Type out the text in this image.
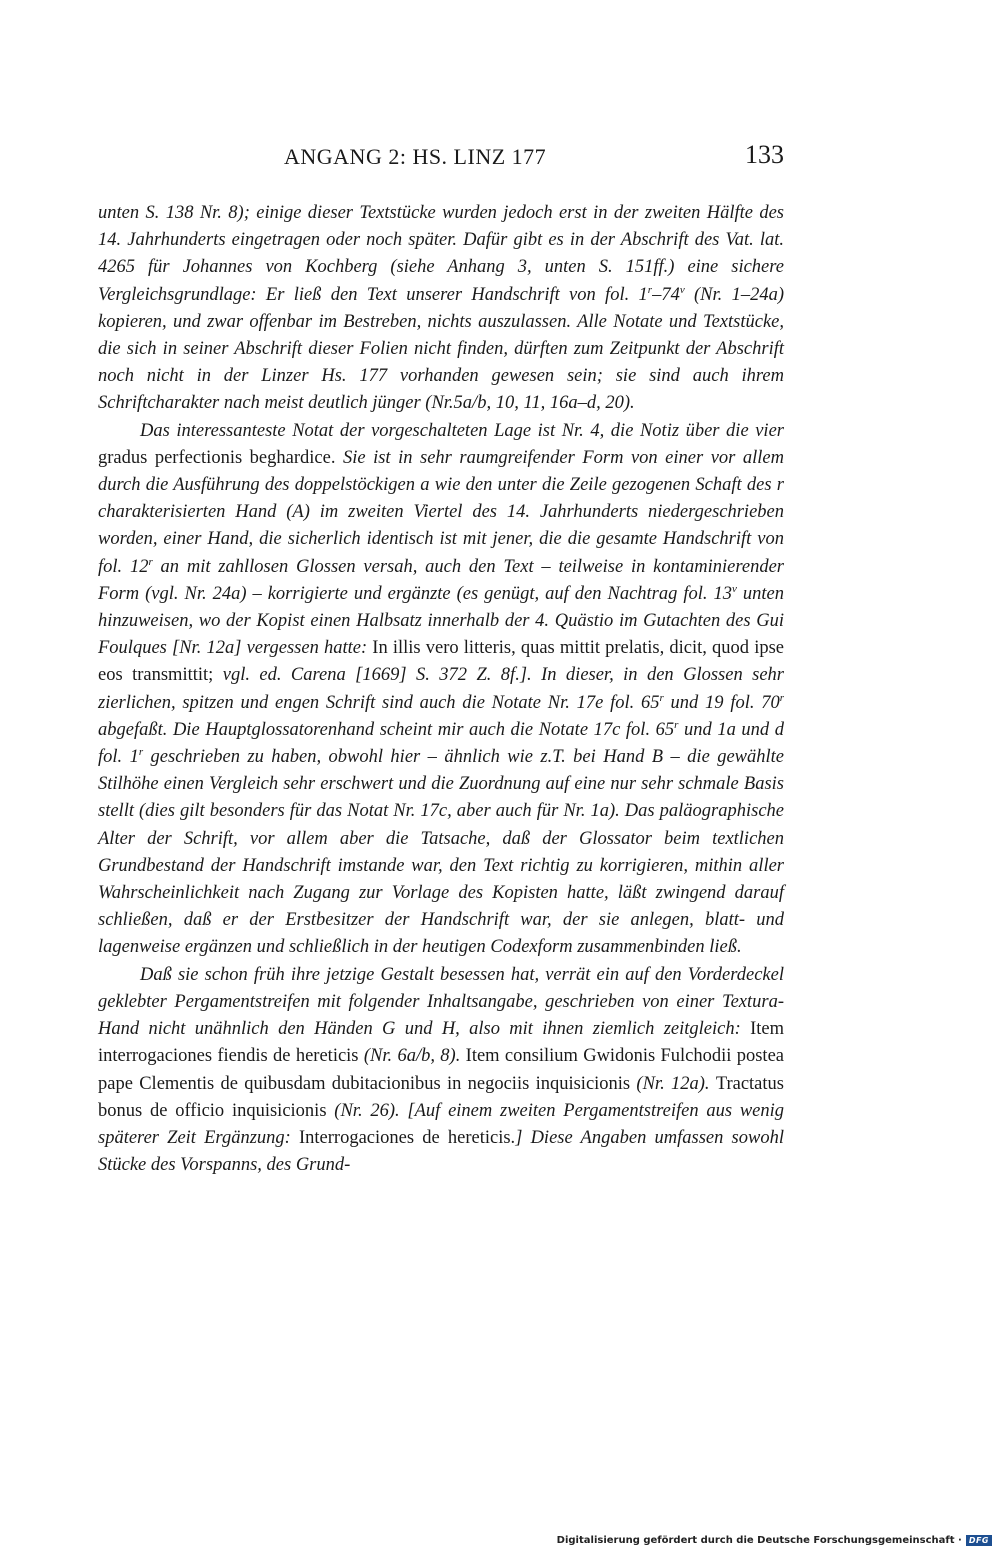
ANGANG 2: HS. LINZ 177	133

unten S. 138 Nr. 8); einige dieser Textstücke wurden jedoch erst in der zweiten Hälfte des 14. Jahrhunderts eingetragen oder noch später. Dafür gibt es in der Abschrift des Vat. lat. 4265 für Johannes von Kochberg (siehe Anhang 3, unten S. 151ff.) eine sichere Vergleichsgrundlage: Er ließ den Text unserer Handschrift von fol. 1$^r$–74$^v$ (Nr. 1–24a) kopieren, und zwar offenbar im Bestreben, nichts auszulassen. Alle Notate und Textstücke, die sich in seiner Abschrift dieser Folien nicht finden, dürften zum Zeitpunkt der Abschrift noch nicht in der Linzer Hs. 177 vorhanden gewesen sein; sie sind auch ihrem Schriftcharakter nach meist deutlich jünger (Nr.5a/b, 10, 11, 16a–d, 20).

Das interessanteste Notat der vorgeschalteten Lage ist Nr. 4, die Notiz über die vier gradus perfectionis beghardice. Sie ist in sehr raumgreifender Form von einer vor allem durch die Ausführung des doppelstöckigen a wie den unter die Zeile gezogenen Schaft des r charakterisierten Hand (A) im zweiten Viertel des 14. Jahrhunderts niedergeschrieben worden, einer Hand, die sicherlich identisch ist mit jener, die die gesamte Handschrift von fol. 12$^r$ an mit zahllosen Glossen versah, auch den Text – teilweise in kontaminierender Form (vgl. Nr. 24a) – korrigierte und ergänzte (es genügt, auf den Nachtrag fol. 13$^v$ unten hinzuweisen, wo der Kopist einen Halbsatz innerhalb der 4. Quästio im Gutachten des Gui Foulques [Nr. 12a] vergessen hatte: In illis vero litteris, quas mittit prelatis, dicit, quod ipse eos transmittit; vgl. ed. Carena [1669] S. 372 Z. 8f.]. In dieser, in den Glossen sehr zierlichen, spitzen und engen Schrift sind auch die Notate Nr. 17e fol. 65$^r$ und 19 fol. 70$^r$ abgefaßt. Die Hauptglossatorenhand scheint mir auch die Notate 17c fol. 65$^r$ und 1a und d fol. 1$^r$ geschrieben zu haben, obwohl hier – ähnlich wie z.T. bei Hand B – die gewählte Stilhöhe einen Vergleich sehr erschwert und die Zuordnung auf eine nur sehr schmale Basis stellt (dies gilt besonders für das Notat Nr. 17c, aber auch für Nr. 1a). Das paläographische Alter der Schrift, vor allem aber die Tatsache, daß der Glossator beim textlichen Grundbestand der Handschrift imstande war, den Text richtig zu korrigieren, mithin aller Wahrscheinlichkeit nach Zugang zur Vorlage des Kopisten hatte, läßt zwingend darauf schließen, daß er der Erstbesitzer der Handschrift war, der sie anlegen, blatt- und lagenweise ergänzen und schließlich in der heutigen Codexform zusammenbinden ließ.

Daß sie schon früh ihre jetzige Gestalt besessen hat, verrät ein auf den Vorderdeckel geklebter Pergamentstreifen mit folgender Inhaltsangabe, geschrieben von einer Textura-Hand nicht unähnlich den Händen G und H, also mit ihnen ziemlich zeitgleich: Item interrogaciones fiendis de hereticis (Nr. 6a/b, 8). Item consilium Gwidonis Fulchodii postea pape Clementis de quibusdam dubitacionibus in negociis inquisicionis (Nr. 12a). Tractatus bonus de officio inquisicionis (Nr. 26). [Auf einem zweiten Pergamentstreifen aus wenig späterer Zeit Ergänzung: Interrogaciones de hereticis.] Diese Angaben umfassen sowohl Stücke des Vorspanns, des Grund-

Digitalisierung gefördert durch die Deutsche Forschungsgemeinschaft · DFG
